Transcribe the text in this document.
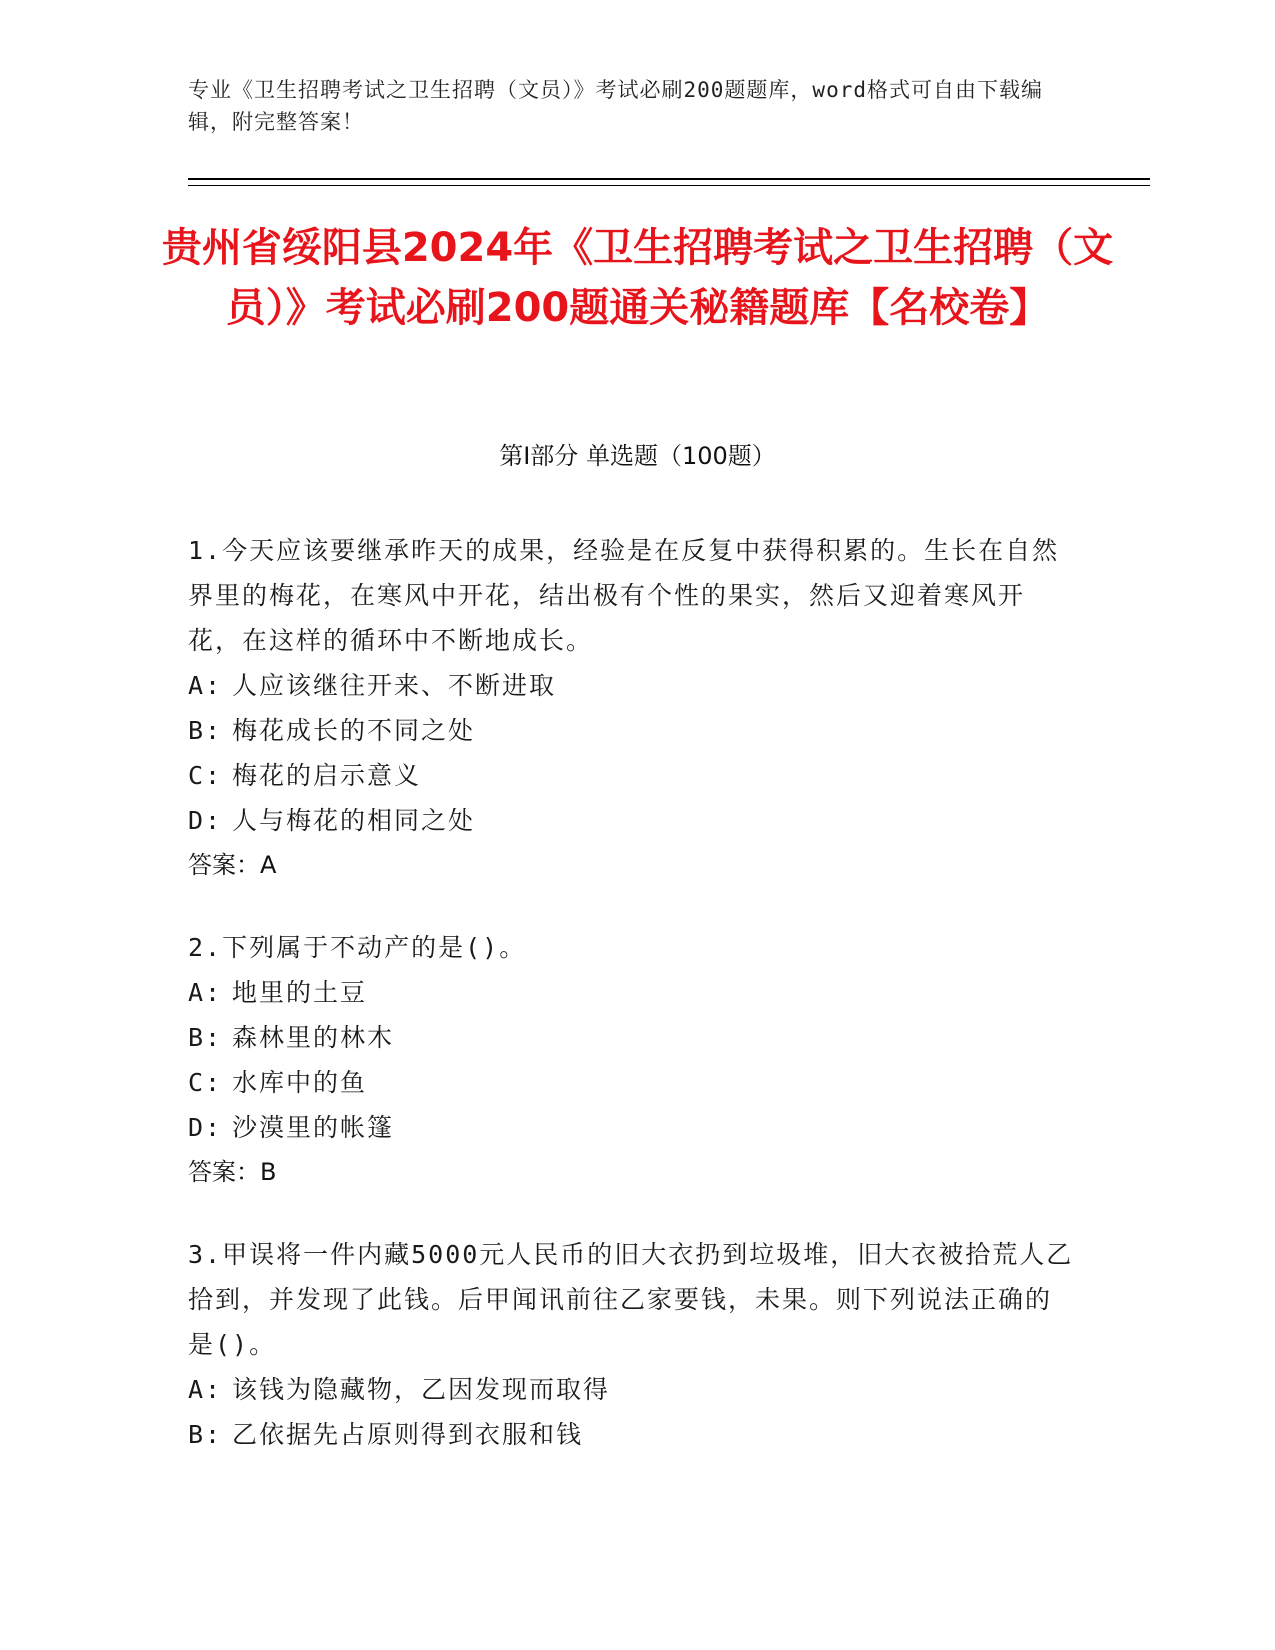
专业《卫生招聘考试之卫生招聘（文员）》考试必刷200题题库，word格式可自由下载编辑，附完整答案！
贵州省绥阳县2024年《卫生招聘考试之卫生招聘（文员）》考试必刷200题通关秘籍题库【名校卷】
第Ⅰ部分 单选题（100题）
1.今天应该要继承昨天的成果，经验是在反复中获得积累的。生长在自然界里的梅花，在寒风中开花，结出极有个性的果实，然后又迎着寒风开花，在这样的循环中不断地成长。
A: 人应该继往开来、不断进取
B: 梅花成长的不同之处
C: 梅花的启示意义
D: 人与梅花的相同之处
答案：A
2.下列属于不动产的是()。
A: 地里的土豆
B: 森林里的林木
C: 水库中的鱼
D: 沙漠里的帐篷
答案：B
3.甲误将一件内藏5000元人民币的旧大衣扔到垃圾堆，旧大衣被拾荒人乙拾到，并发现了此钱。后甲闻讯前往乙家要钱，未果。则下列说法正确的是()。
A: 该钱为隐藏物，乙因发现而取得
B: 乙依据先占原则得到衣服和钱
